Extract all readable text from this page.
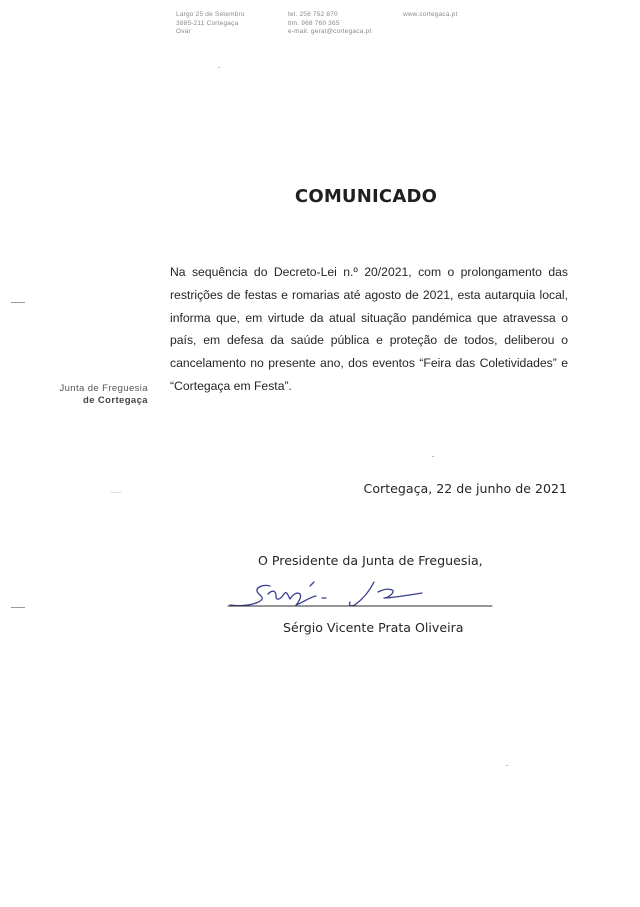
Largo 25 de Setembro
3885-211 Cortegaça
Ovar
tel. 256 752 870
tlm. 968 760 365
e-mail. geral@cortegaca.pt
www.cortegaca.pt
Junta de Freguesia
de Cortegaça
COMUNICADO

Na sequência do Decreto-Lei n.º 20/2021, com o prolongamento das restrições de festas e romarias até agosto de 2021, esta autarquia local, informa que, em virtude da atual situação pandémica que atravessa o país, em defesa da saúde pública e proteção de todos, deliberou o cancelamento no presente ano, dos eventos “Feira das Coletividades” e “Cortegaça em Festa”.

Cortegaça, 22 de junho de 2021
O Presidente da Junta de Freguesia,
Sérgio Vicente Prata Oliveira
